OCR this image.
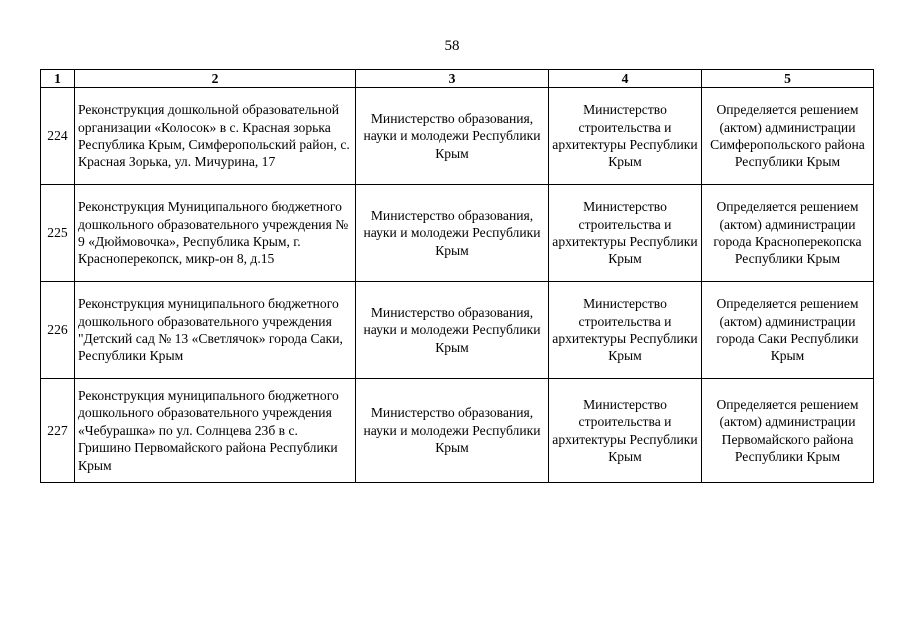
58
1	2	3	4	5
224	Реконструкция дошкольной образовательной организации «Колосок» в с. Красная зорька Республика Крым, Симферопольский район, с. Красная Зорька, ул. Мичурина, 17	Министерство образования, науки и молодежи Республики Крым	Министерство строительства и архитектуры Республики Крым	Определяется решением (актом) администрации Симферопольского района Республики Крым
225	Реконструкция Муниципального бюджетного дошкольного образовательного учреждения № 9 «Дюймовочка», Республика Крым, г. Красноперекопск, микр-он 8, д.15	Министерство образования, науки и молодежи Республики Крым	Министерство строительства и архитектуры Республики Крым	Определяется решением (актом) администрации города Красноперекопска Республики Крым
226	Реконструкция муниципального бюджетного дошкольного образовательного учреждения "Детский сад № 13 «Светлячок» города Саки, Республики Крым	Министерство образования, науки и молодежи Республики Крым	Министерство строительства и архитектуры Республики Крым	Определяется решением (актом) администрации города Саки Республики Крым
227	Реконструкция муниципального бюджетного дошкольного образовательного учреждения «Чебурашка» по ул. Солнцева 23б в с. Гришино Первомайского района Республики Крым	Министерство образования, науки и молодежи Республики Крым	Министерство строительства и архитектуры Республики Крым	Определяется решением (актом) администрации Первомайского района Республики Крым
